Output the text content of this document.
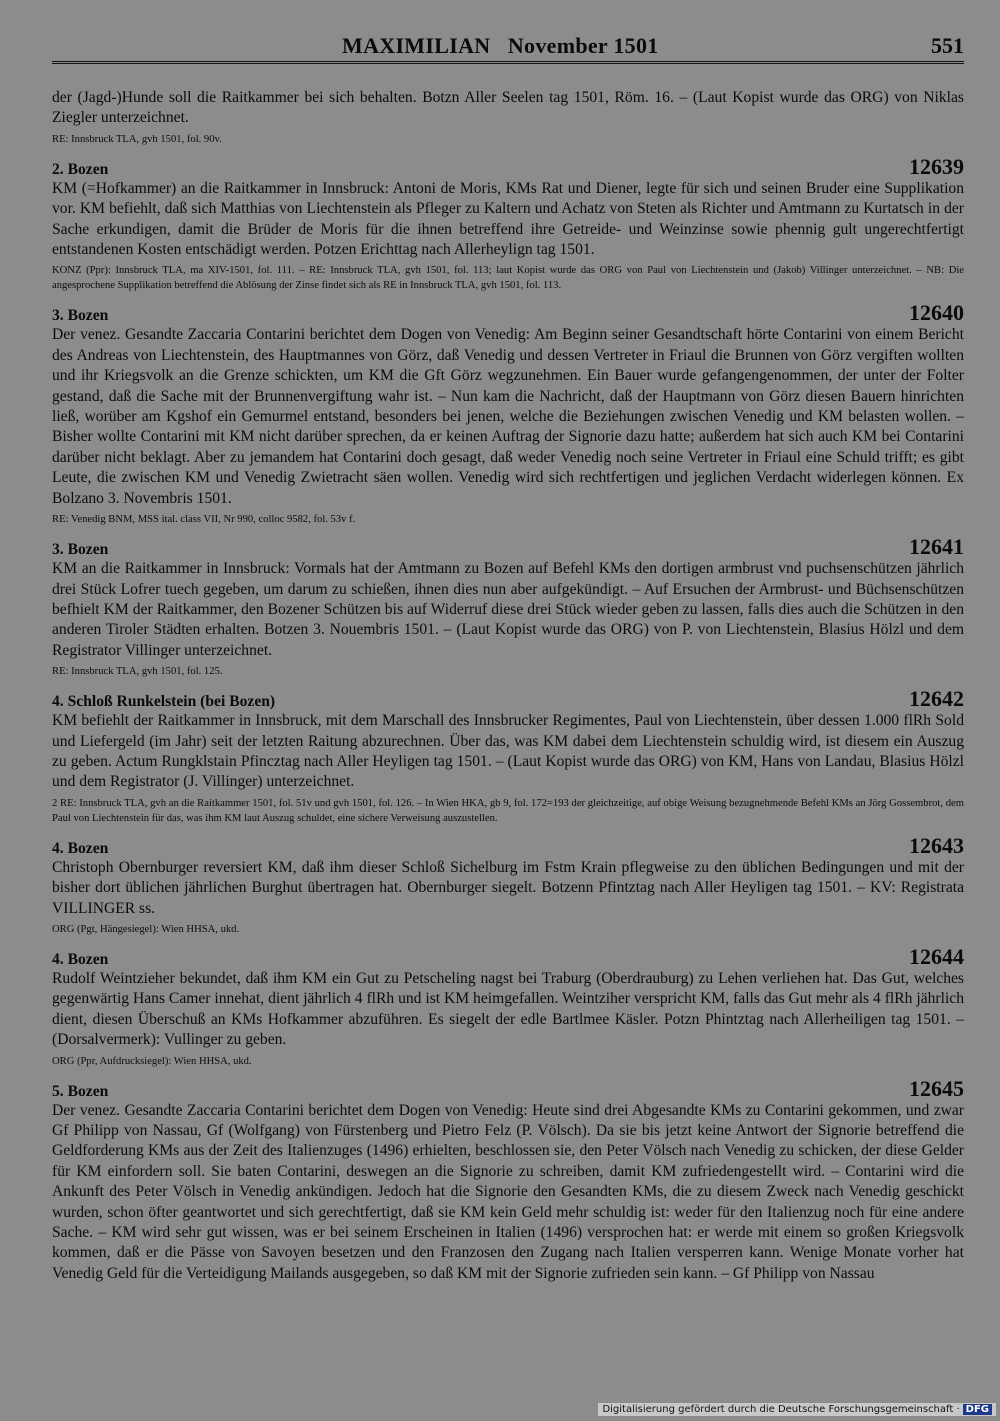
MAXIMILIAN   November 1501	551

der (Jagd-)Hunde soll die Raitkammer bei sich behalten. Botzn Aller Seelen tag 1501, Röm. 16. – (Laut Kopist wurde das ORG) von Niklas Ziegler unterzeichnet.

RE: Innsbruck TLA, gvh 1501, fol. 90v.

2. Bozen	12639

KM (=Hofkammer) an die Raitkammer in Innsbruck: Antoni de Moris, KMs Rat und Diener, legte für sich und seinen Bruder eine Supplikation vor. KM befiehlt, daß sich Matthias von Liechtenstein als Pfleger zu Kaltern und Achatz von Steten als Richter und Amtmann zu Kurtatsch in der Sache erkundigen, damit die Brüder de Moris für die ihnen betreffend ihre Getreide- und Weinzinse sowie phennig gult ungerechtfertigt entstandenen Kosten entschädigt werden. Potzen Erichttag nach Allerheylign tag 1501.

KONZ (Ppr): Innsbruck TLA, ma XIV-1501, fol. 111. – RE: Innsbruck TLA, gvh 1501, fol. 113; laut Kopist wurde das ORG von Paul von Liechtenstein und (Jakob) Villinger unterzeichnet. – NB: Die angesprochene Supplikation betreffend die Ablösung der Zinse findet sich als RE in Innsbruck TLA, gvh 1501, fol. 113.

3. Bozen	12640

Der venez. Gesandte Zaccaria Contarini berichtet dem Dogen von Venedig: Am Beginn seiner Gesandtschaft hörte Contarini von einem Bericht des Andreas von Liechtenstein, des Hauptmannes von Görz, daß Venedig und dessen Vertreter in Friaul die Brunnen von Görz vergiften wollten und ihr Kriegsvolk an die Grenze schickten, um KM die Gft Görz wegzunehmen. Ein Bauer wurde gefangengenommen, der unter der Folter gestand, daß die Sache mit der Brunnenvergiftung wahr ist. – Nun kam die Nachricht, daß der Hauptmann von Görz diesen Bauern hinrichten ließ, worüber am Kgshof ein Gemurmel entstand, besonders bei jenen, welche die Beziehungen zwischen Venedig und KM belasten wollen. – Bisher wollte Contarini mit KM nicht darüber sprechen, da er keinen Auftrag der Signorie dazu hatte; außerdem hat sich auch KM bei Contarini darüber nicht beklagt. Aber zu jemandem hat Contarini doch gesagt, daß weder Venedig noch seine Vertreter in Friaul eine Schuld trifft; es gibt Leute, die zwischen KM und Venedig Zwietracht säen wollen. Venedig wird sich rechtfertigen und jeglichen Verdacht widerlegen können. Ex Bolzano 3. Novembris 1501.

RE: Venedig BNM, MSS ital. class VII, Nr 990, colloc 9582, fol. 53v f.

3. Bozen	12641

KM an die Raitkammer in Innsbruck: Vormals hat der Amtmann zu Bozen auf Befehl KMs den dortigen armbrust vnd puchsenschützen jährlich drei Stück Lofrer tuech gegeben, um darum zu schießen, ihnen dies nun aber aufgekündigt. – Auf Ersuchen der Armbrust- und Büchsenschützen befhielt KM der Raitkammer, den Bozener Schützen bis auf Widerruf diese drei Stück wieder geben zu lassen, falls dies auch die Schützen in den anderen Tiroler Städten erhalten. Botzen 3. Nouembris 1501. – (Laut Kopist wurde das ORG) von P. von Liechtenstein, Blasius Hölzl und dem Registrator Villinger unterzeichnet.

RE: Innsbruck TLA, gvh 1501, fol. 125.

4. Schloß Runkelstein (bei Bozen)	12642

KM befiehlt der Raitkammer in Innsbruck, mit dem Marschall des Innsbrucker Regimentes, Paul von Liechtenstein, über dessen 1.000 flRh Sold und Liefergeld (im Jahr) seit der letzten Raitung abzurechnen. Über das, was KM dabei dem Liechtenstein schuldig wird, ist diesem ein Auszug zu geben. Actum Rungklstain Pfincztag nach Aller Heyligen tag 1501. – (Laut Kopist wurde das ORG) von KM, Hans von Landau, Blasius Hölzl und dem Registrator (J. Villinger) unterzeichnet.

2 RE: Innsbruck TLA, gvh an die Raitkammer 1501, fol. 51v und gvh 1501, fol. 126. – In Wien HKA, gb 9, fol. 172=193 der gleichzeitige, auf obige Weisung bezugnehmende Befehl KMs an Jörg Gossembrot, dem Paul von Liechtenstein für das, was ihm KM laut Auszug schuldet, eine sichere Verweisung auszustellen.

4. Bozen	12643

Christoph Obernburger reversiert KM, daß ihm dieser Schloß Sichelburg im Fstm Krain pflegweise zu den üblichen Bedingungen und mit der bisher dort üblichen jährlichen Burghut übertragen hat. Obernburger siegelt. Botzenn Pfintztag nach Aller Heyligen tag 1501. – KV: Registrata VILLINGER ss.

ORG (Pgt, Hängesiegel): Wien HHSA, ukd.

4. Bozen	12644

Rudolf Weintzieher bekundet, daß ihm KM ein Gut zu Petscheling nagst bei Traburg (Oberdrauburg) zu Lehen verliehen hat. Das Gut, welches gegenwärtig Hans Camer innehat, dient jährlich 4 flRh und ist KM heimgefallen. Weintziher verspricht KM, falls das Gut mehr als 4 flRh jährlich dient, diesen Überschuß an KMs Hofkammer abzuführen. Es siegelt der edle Bartlmee Käsler. Potzn Phintztag nach Allerheiligen tag 1501. – (Dorsalvermerk): Vullinger zu geben.

ORG (Ppr, Aufdrucksiegel): Wien HHSA, ukd.

5. Bozen	12645

Der venez. Gesandte Zaccaria Contarini berichtet dem Dogen von Venedig: Heute sind drei Abgesandte KMs zu Contarini gekommen, und zwar Gf Philipp von Nassau, Gf (Wolfgang) von Fürstenberg und Pietro Felz (P. Völsch). Da sie bis jetzt keine Antwort der Signorie betreffend die Geldforderung KMs aus der Zeit des Italienzuges (1496) erhielten, beschlossen sie, den Peter Völsch nach Venedig zu schicken, der diese Gelder für KM einfordern soll. Sie baten Contarini, deswegen an die Signorie zu schreiben, damit KM zufriedengestellt wird. – Contarini wird die Ankunft des Peter Völsch in Venedig ankündigen. Jedoch hat die Signorie den Gesandten KMs, die zu diesem Zweck nach Venedig geschickt wurden, schon öfter geantwortet und sich gerechtfertigt, daß sie KM kein Geld mehr schuldig ist: weder für den Italienzug noch für eine andere Sache. – KM wird sehr gut wissen, was er bei seinem Erscheinen in Italien (1496) versprochen hat: er werde mit einem so großen Kriegsvolk kommen, daß er die Pässe von Savoyen besetzen und den Franzosen den Zugang nach Italien versperren kann. Wenige Monate vorher hat Venedig Geld für die Verteidigung Mailands ausgegeben, so daß KM mit der Signorie zufrieden sein kann. – Gf Philipp von Nassau

Digitalisierung gefördert durch die Deutsche Forschungsgemeinschaft · DFG
